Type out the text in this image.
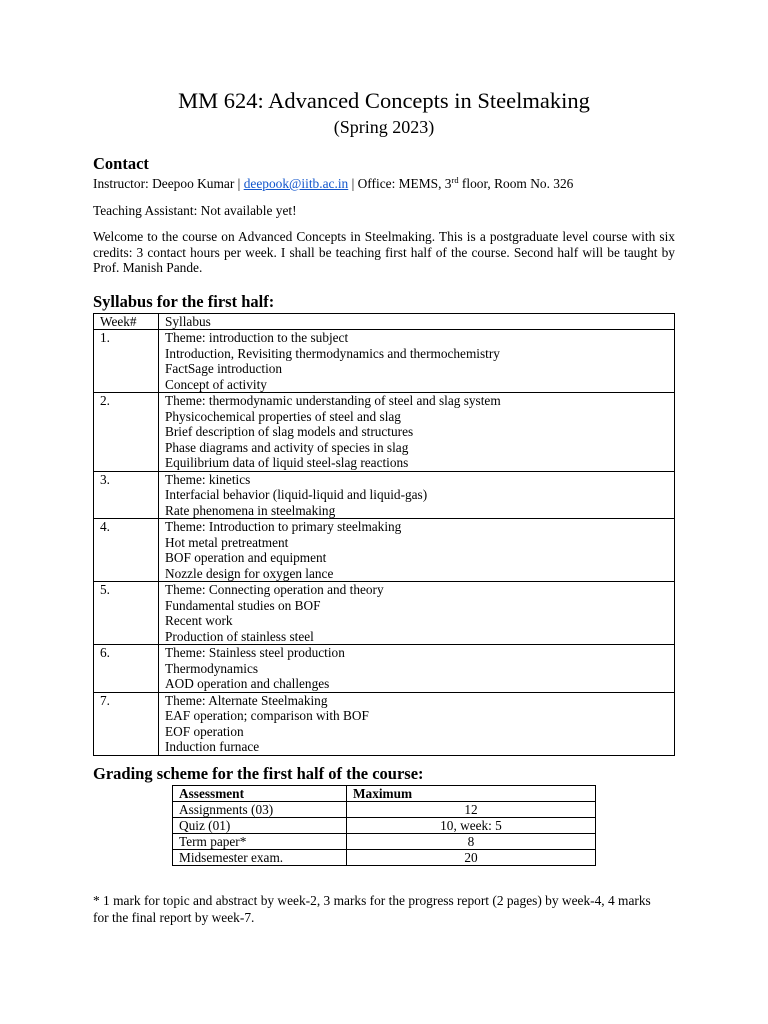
MM 624: Advanced Concepts in Steelmaking
(Spring 2023)
Contact
Instructor: Deepoo Kumar | deepook@iitb.ac.in | Office: MEMS, 3rd floor, Room No. 326
Teaching Assistant: Not available yet!
Welcome to the course on Advanced Concepts in Steelmaking. This is a postgraduate level course with six credits: 3 contact hours per week. I shall be teaching first half of the course. Second half will be taught by Prof. Manish Pande.
Syllabus for the first half:
Week#	Syllabus
1.	Theme: introduction to the subject
Introduction, Revisiting thermodynamics and thermochemistry
FactSage introduction
Concept of activity

2.	Theme: thermodynamic understanding of steel and slag system
Physicochemical properties of steel and slag
Brief description of slag models and structures
Phase diagrams and activity of species in slag
Equilibrium data of liquid steel-slag reactions

3.	Theme: kinetics
Interfacial behavior (liquid-liquid and liquid-gas)
Rate phenomena in steelmaking

4.	Theme: Introduction to primary steelmaking
Hot metal pretreatment
BOF operation and equipment
Nozzle design for oxygen lance

5.	Theme: Connecting operation and theory
Fundamental studies on BOF
Recent work
Production of stainless steel

6.	Theme: Stainless steel production
Thermodynamics
AOD operation and challenges

7.	Theme: Alternate Steelmaking
EAF operation; comparison with BOF
EOF operation
Induction furnace
Grading scheme for the first half of the course:
Assessment	Maximum
Assignments (03)	12
Quiz (01)	10, week: 5
Term paper*	8
Midsemester exam.	20
* 1 mark for topic and abstract by week-2, 3 marks for the progress report (2 pages) by week-4, 4 marks for the final report by week-7.
